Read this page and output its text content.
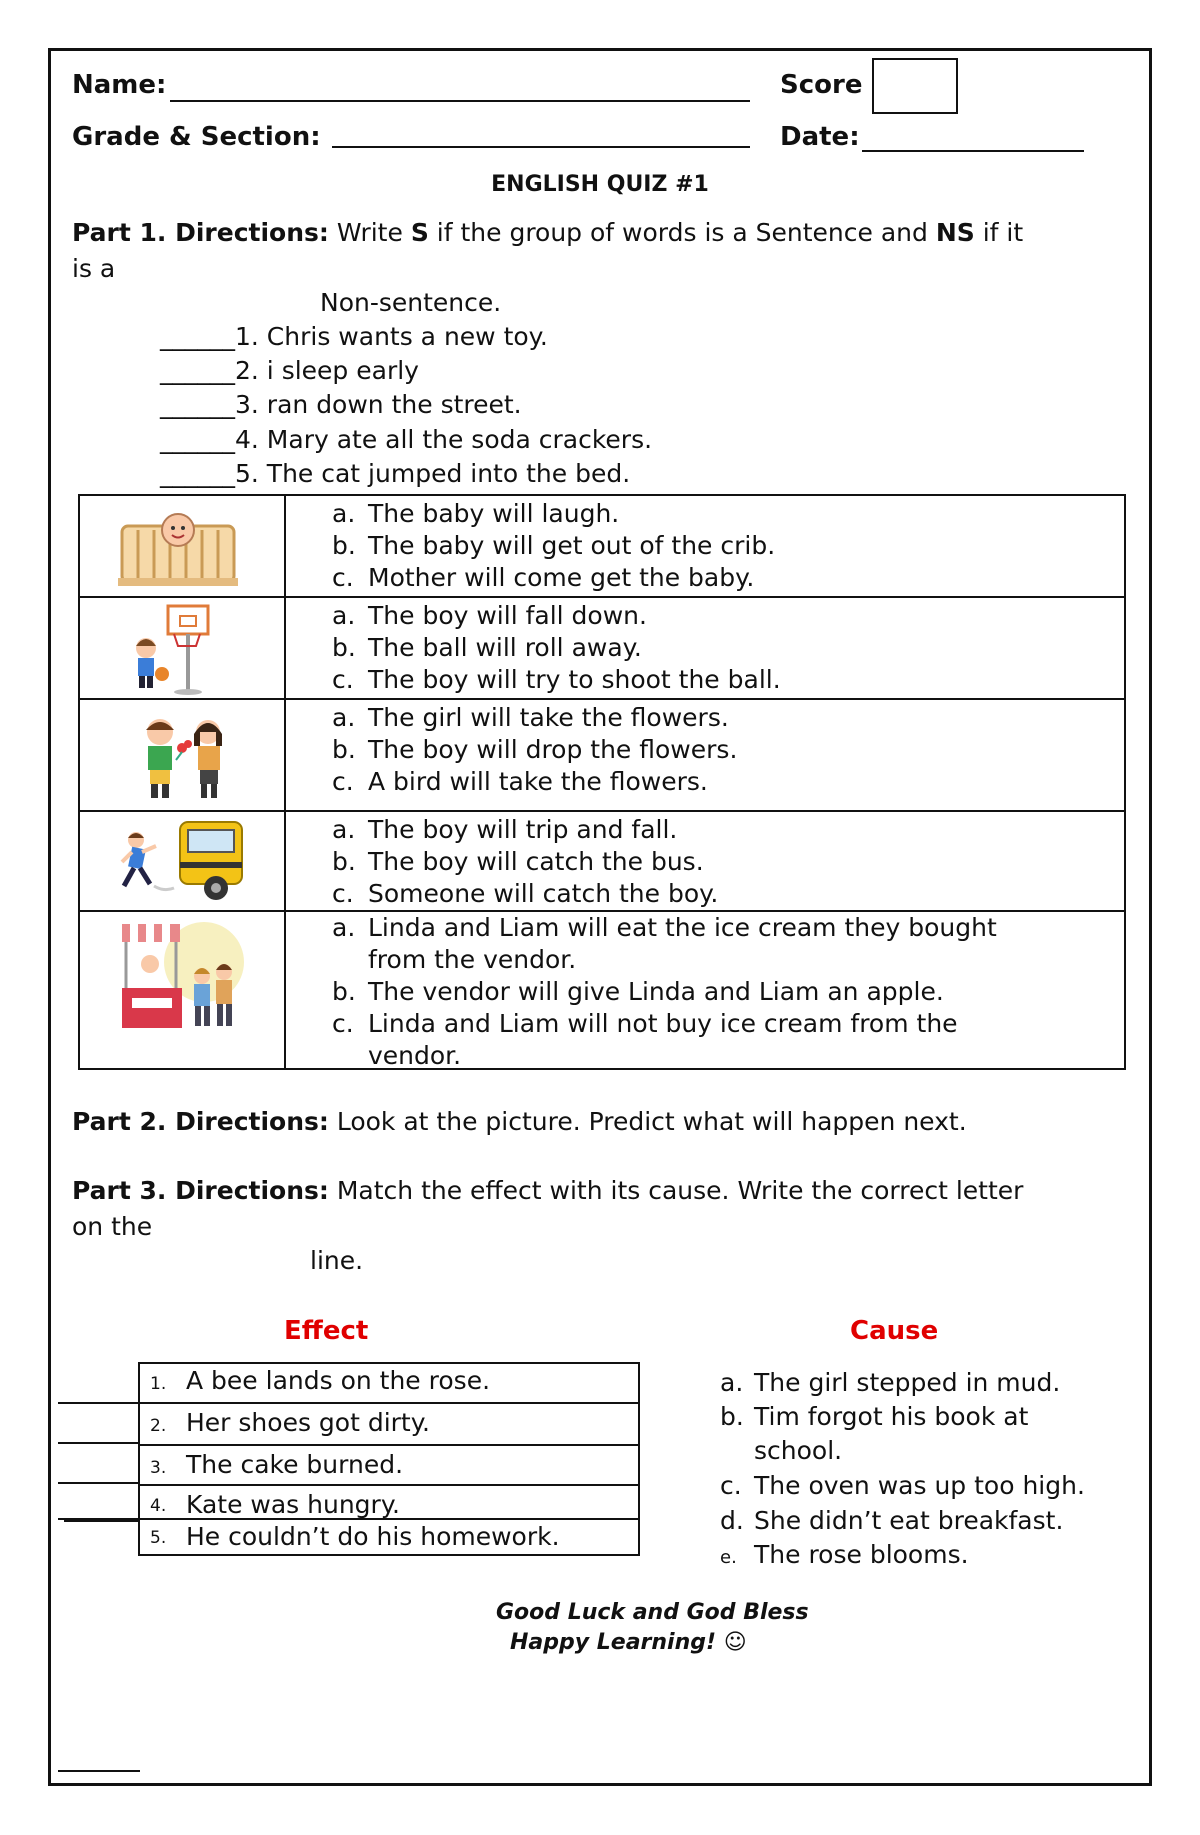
Name:	Score
Grade & Section:	Date:
ENGLISH QUIZ #1
Part 1. Directions: Write S if the group of words is a Sentence and NS if it
is a
Non-sentence.
______1. Chris wants a new toy.
______2. i sleep early
______3. ran down the street.
______4. Mary ate all the soda crackers.
______5. The cat jumped into the bed.
a. The baby will laugh.
b. The baby will get out of the crib.
c. Mother will come get the baby.
a. The boy will fall down.
b. The ball will roll away.
c. The boy will try to shoot the ball.
a. The girl will take the flowers.
b. The boy will drop the flowers.
c. A bird will take the flowers.
a. The boy will trip and fall.
b. The boy will catch the bus.
c. Someone will catch the boy.
a. Linda and Liam will eat the ice cream they bought
from the vendor.
b. The vendor will give Linda and Liam an apple.
c. Linda and Liam will not buy ice cream from the
vendor.
Part 2. Directions: Look at the picture. Predict what will happen next.
Part 3. Directions: Match the effect with its cause. Write the correct letter
on the
line.
Effect	Cause
1. A bee lands on the rose.
2. Her shoes got dirty.
3. The cake burned.
4. Kate was hungry.
5. He couldn’t do his homework.
a. The girl stepped in mud.
b. Tim forgot his book at
school.
c. The oven was up too high.
d. She didn’t eat breakfast.
e. The rose blooms.
Good Luck and God Bless
Happy Learning! ☺
